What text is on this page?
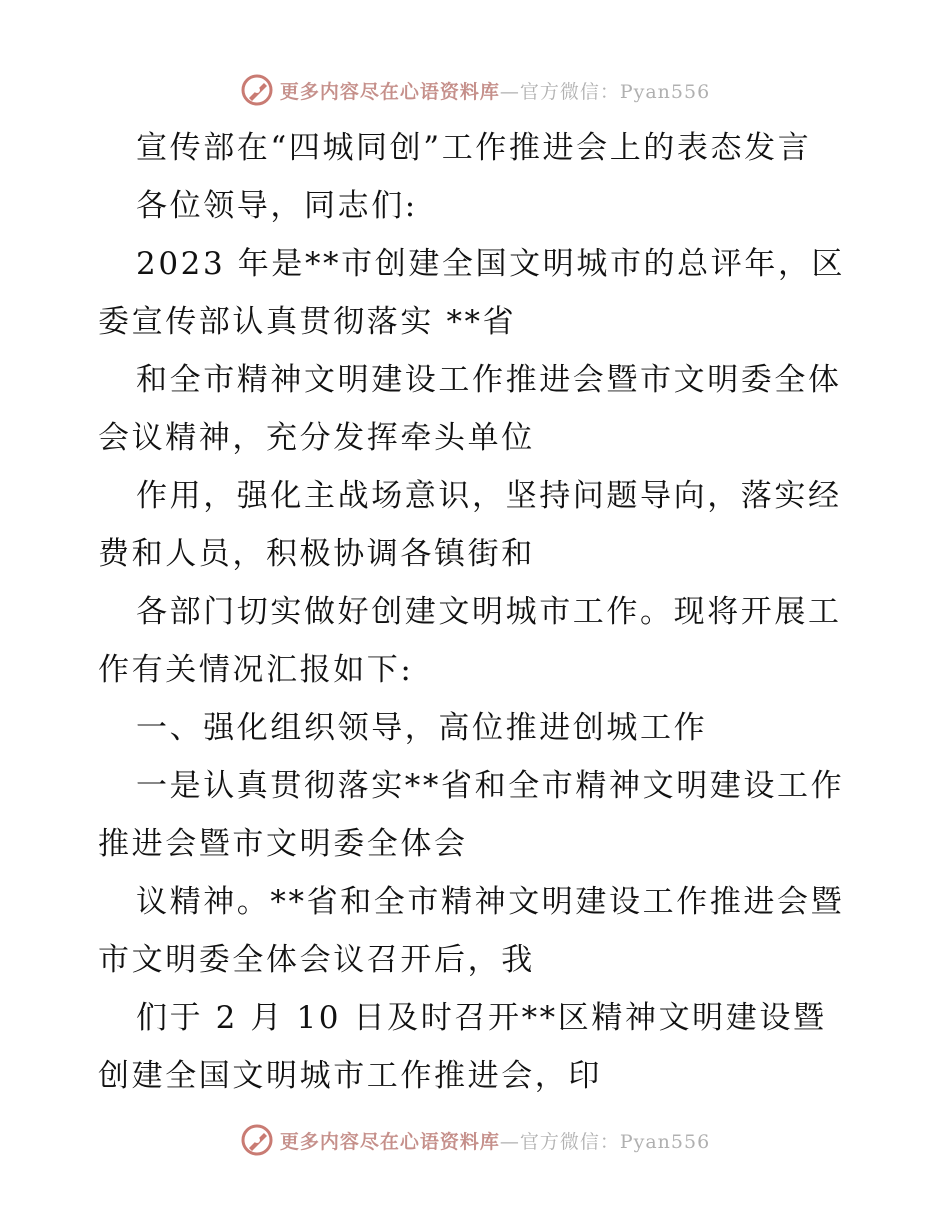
更多内容尽在心语资料库—官方微信：Pyan556
宣传部在“四城同创”工作推进会上的表态发言
各位领导，同志们:
2023 年是**市创建全国文明城市的总评年，区
委宣传部认真贯彻落实 **省
和全市精神文明建设工作推进会暨市文明委全体
会议精神，充分发挥牵头单位
作用，强化主战场意识，坚持问题导向，落实经
费和人员，积极协调各镇街和
各部门切实做好创建文明城市工作。现将开展工
作有关情况汇报如下:
一、强化组织领导，高位推进创城工作
一是认真贯彻落实**省和全市精神文明建设工作
推进会暨市文明委全体会
议精神。**省和全市精神文明建设工作推进会暨
市文明委全体会议召开后，我
们于 2 月 10 日及时召开**区精神文明建设暨
创建全国文明城市工作推进会，印
更多内容尽在心语资料库—官方微信：Pyan556
